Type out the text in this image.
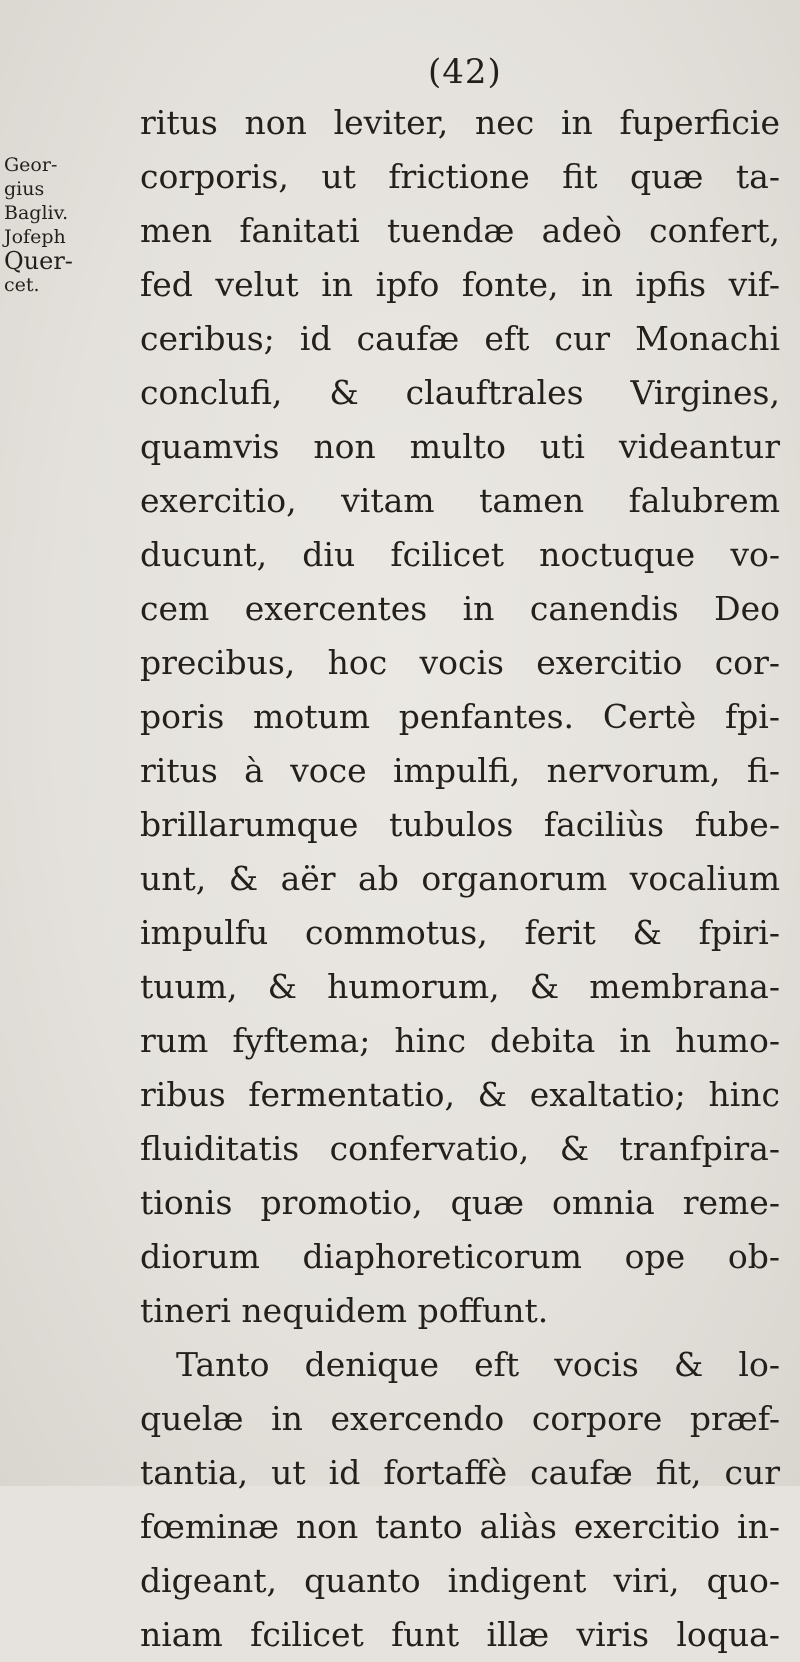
(42)
Geor-
gius
Bagliv.
Jofeph
Quer-
cet.
ritus non leviter, nec in fuperficie
corporis, ut frictione fit quæ ta-
men fanitati tuendæ adeò confert,
fed velut in ipfo fonte, in ipfis vif-
ceribus; id caufæ eft cur Monachi
conclufi, & clauftrales Virgines,
quamvis non multo uti videantur
exercitio, vitam tamen falubrem
ducunt, diu fcilicet noctuque vo-
cem exercentes in canendis Deo
precibus, hoc vocis exercitio cor-
poris motum penfantes. Certè fpi-
ritus à voce impulfi, nervorum, fi-
brillarumque tubulos faciliùs fube-
unt, & aër ab organorum vocalium
impulfu commotus, ferit & fpiri-
tuum, & humorum, & membrana-
rum fyftema; hinc debita in humo-
ribus fermentatio, & exaltatio; hinc
fluiditatis confervatio, & tranfpira-
tionis promotio, quæ omnia reme-
diorum diaphoreticorum ope ob-
tineri nequidem poffunt.
Tanto denique eft vocis & lo-
quelæ in exercendo corpore præf-
tantia, ut id fortaffè caufæ fit, cur
fœminæ non tanto aliàs exercitio in-
digeant, quanto indigent viri, quo-
niam fcilicet funt illæ viris loqua-
